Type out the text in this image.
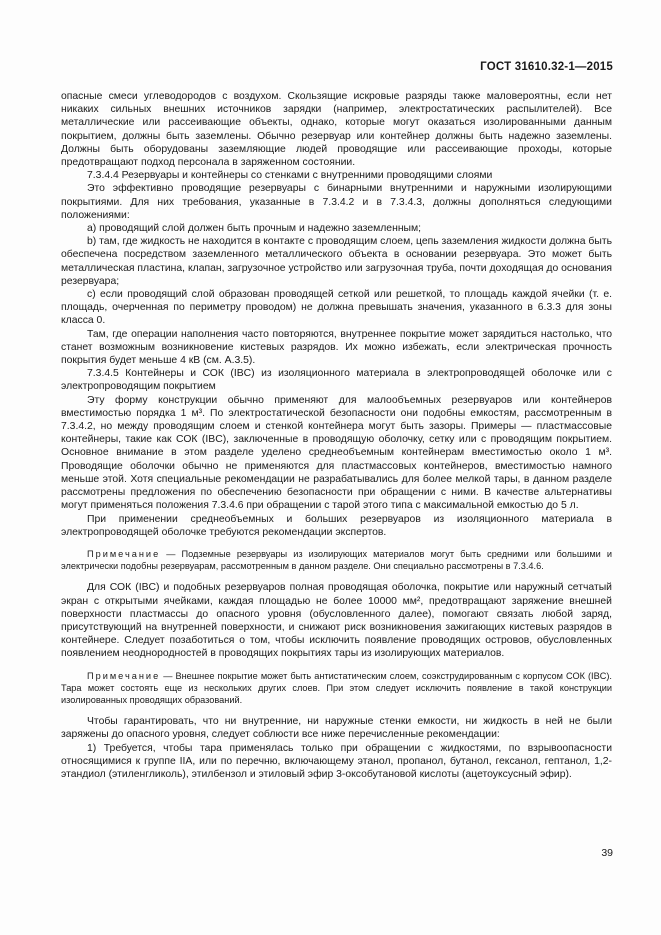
ГОСТ 31610.32-1—2015

опасные смеси углеводородов с воздухом. Скользящие искровые разряды также маловероятны, если нет никаких сильных внешних источников зарядки (например, электростатических распылителей). Все металлические или рассеивающие объекты, однако, которые могут оказаться изолированными данным покрытием, должны быть заземлены. Обычно резервуар или контейнер должны быть надежно заземлены. Должны быть оборудованы заземляющие людей проводящие или рассеивающие проходы, которые предотвращают подход персонала в заряженном состоянии.

7.3.4.4 Резервуары и контейнеры со стенками с внутренними проводящими слоями

Это эффективно проводящие резервуары с бинарными внутренними и наружными изолирующими покрытиями. Для них требования, указанные в 7.3.4.2 и в 7.3.4.3, должны дополняться следующими положениями:

a) проводящий слой должен быть прочным и надежно заземленным;

b) там, где жидкость не находится в контакте с проводящим слоем, цепь заземления жидкости должна быть обеспечена посредством заземленного металлического объекта в основании резервуара. Это может быть металлическая пластина, клапан, загрузочное устройство или загрузочная труба, почти доходящая до основания резервуара;

c) если проводящий слой образован проводящей сеткой или решеткой, то площадь каждой ячейки (т. е. площадь, очерченная по периметру проводом) не должна превышать значения, указанного в 6.3.3 для зоны класса 0.

Там, где операции наполнения часто повторяются, внутреннее покрытие может зарядиться настолько, что станет возможным возникновение кистевых разрядов. Их можно избежать, если электрическая прочность покрытия будет меньше 4 кВ (см. А.3.5).

7.3.4.5 Контейнеры и СОК (IBC) из изоляционного материала в электропроводящей оболочке или с электропроводящим покрытием

Эту форму конструкции обычно применяют для малообъемных резервуаров или контейнеров вместимостью порядка 1 м³. По электростатической безопасности они подобны емкостям, рассмотренным в 7.3.4.2, но между проводящим слоем и стенкой контейнера могут быть зазоры. Примеры — пластмассовые контейнеры, такие как СОК (IBC), заключенные в проводящую оболочку, сетку или с проводящим покрытием. Основное внимание в этом разделе уделено среднеобъемным контейнерам вместимостью около 1 м³. Проводящие оболочки обычно не применяются для пластмассовых контейнеров, вместимостью намного меньше этой. Хотя специальные рекомендации не разрабатывались для более мелкой тары, в данном разделе рассмотрены предложения по обеспечению безопасности при обращении с ними. В качестве альтернативы могут применяться положения 7.3.4.6 при обращении с тарой этого типа с максимальной емкостью до 5 л.

При применении среднеобъемных и больших резервуаров из изоляционного материала в электропроводящей оболочке требуются рекомендации экспертов.

Примечание — Подземные резервуары из изолирующих материалов могут быть средними или большими и электрически подобны резервуарам, рассмотренным в данном разделе. Они специально рассмотрены в 7.3.4.6.

Для СОК (IBC) и подобных резервуаров полная проводящая оболочка, покрытие или наружный сетчатый экран с открытыми ячейками, каждая площадью не более 10000 мм², предотвращают заряжение внешней поверхности пластмассы до опасного уровня (обусловленного далее), помогают связать любой заряд, присутствующий на внутренней поверхности, и снижают риск возникновения зажигающих кистевых разрядов в контейнере. Следует позаботиться о том, чтобы исключить появление проводящих островов, обусловленных появлением неоднородностей в проводящих покрытиях тары из изолирующих материалов.

Примечание — Внешнее покрытие может быть антистатическим слоем, соэкструдированным с корпусом СОК (IBC). Тара может состоять еще из нескольких других слоев. При этом следует исключить появление в такой конструкции изолированных проводящих образований.

Чтобы гарантировать, что ни внутренние, ни наружные стенки емкости, ни жидкость в ней не были заряжены до опасного уровня, следует соблюсти все ниже перечисленные рекомендации:

1) Требуется, чтобы тара применялась только при обращении с жидкостями, по взрывоопасности относящимися к группе IIA, или по перечню, включающему этанол, пропанол, бутанол, гексанол, гептанол, 1,2-этандиол (этиленгликоль), этилбензол и этиловый эфир 3-оксобутановой кислоты (ацетоуксусный эфир).

39
